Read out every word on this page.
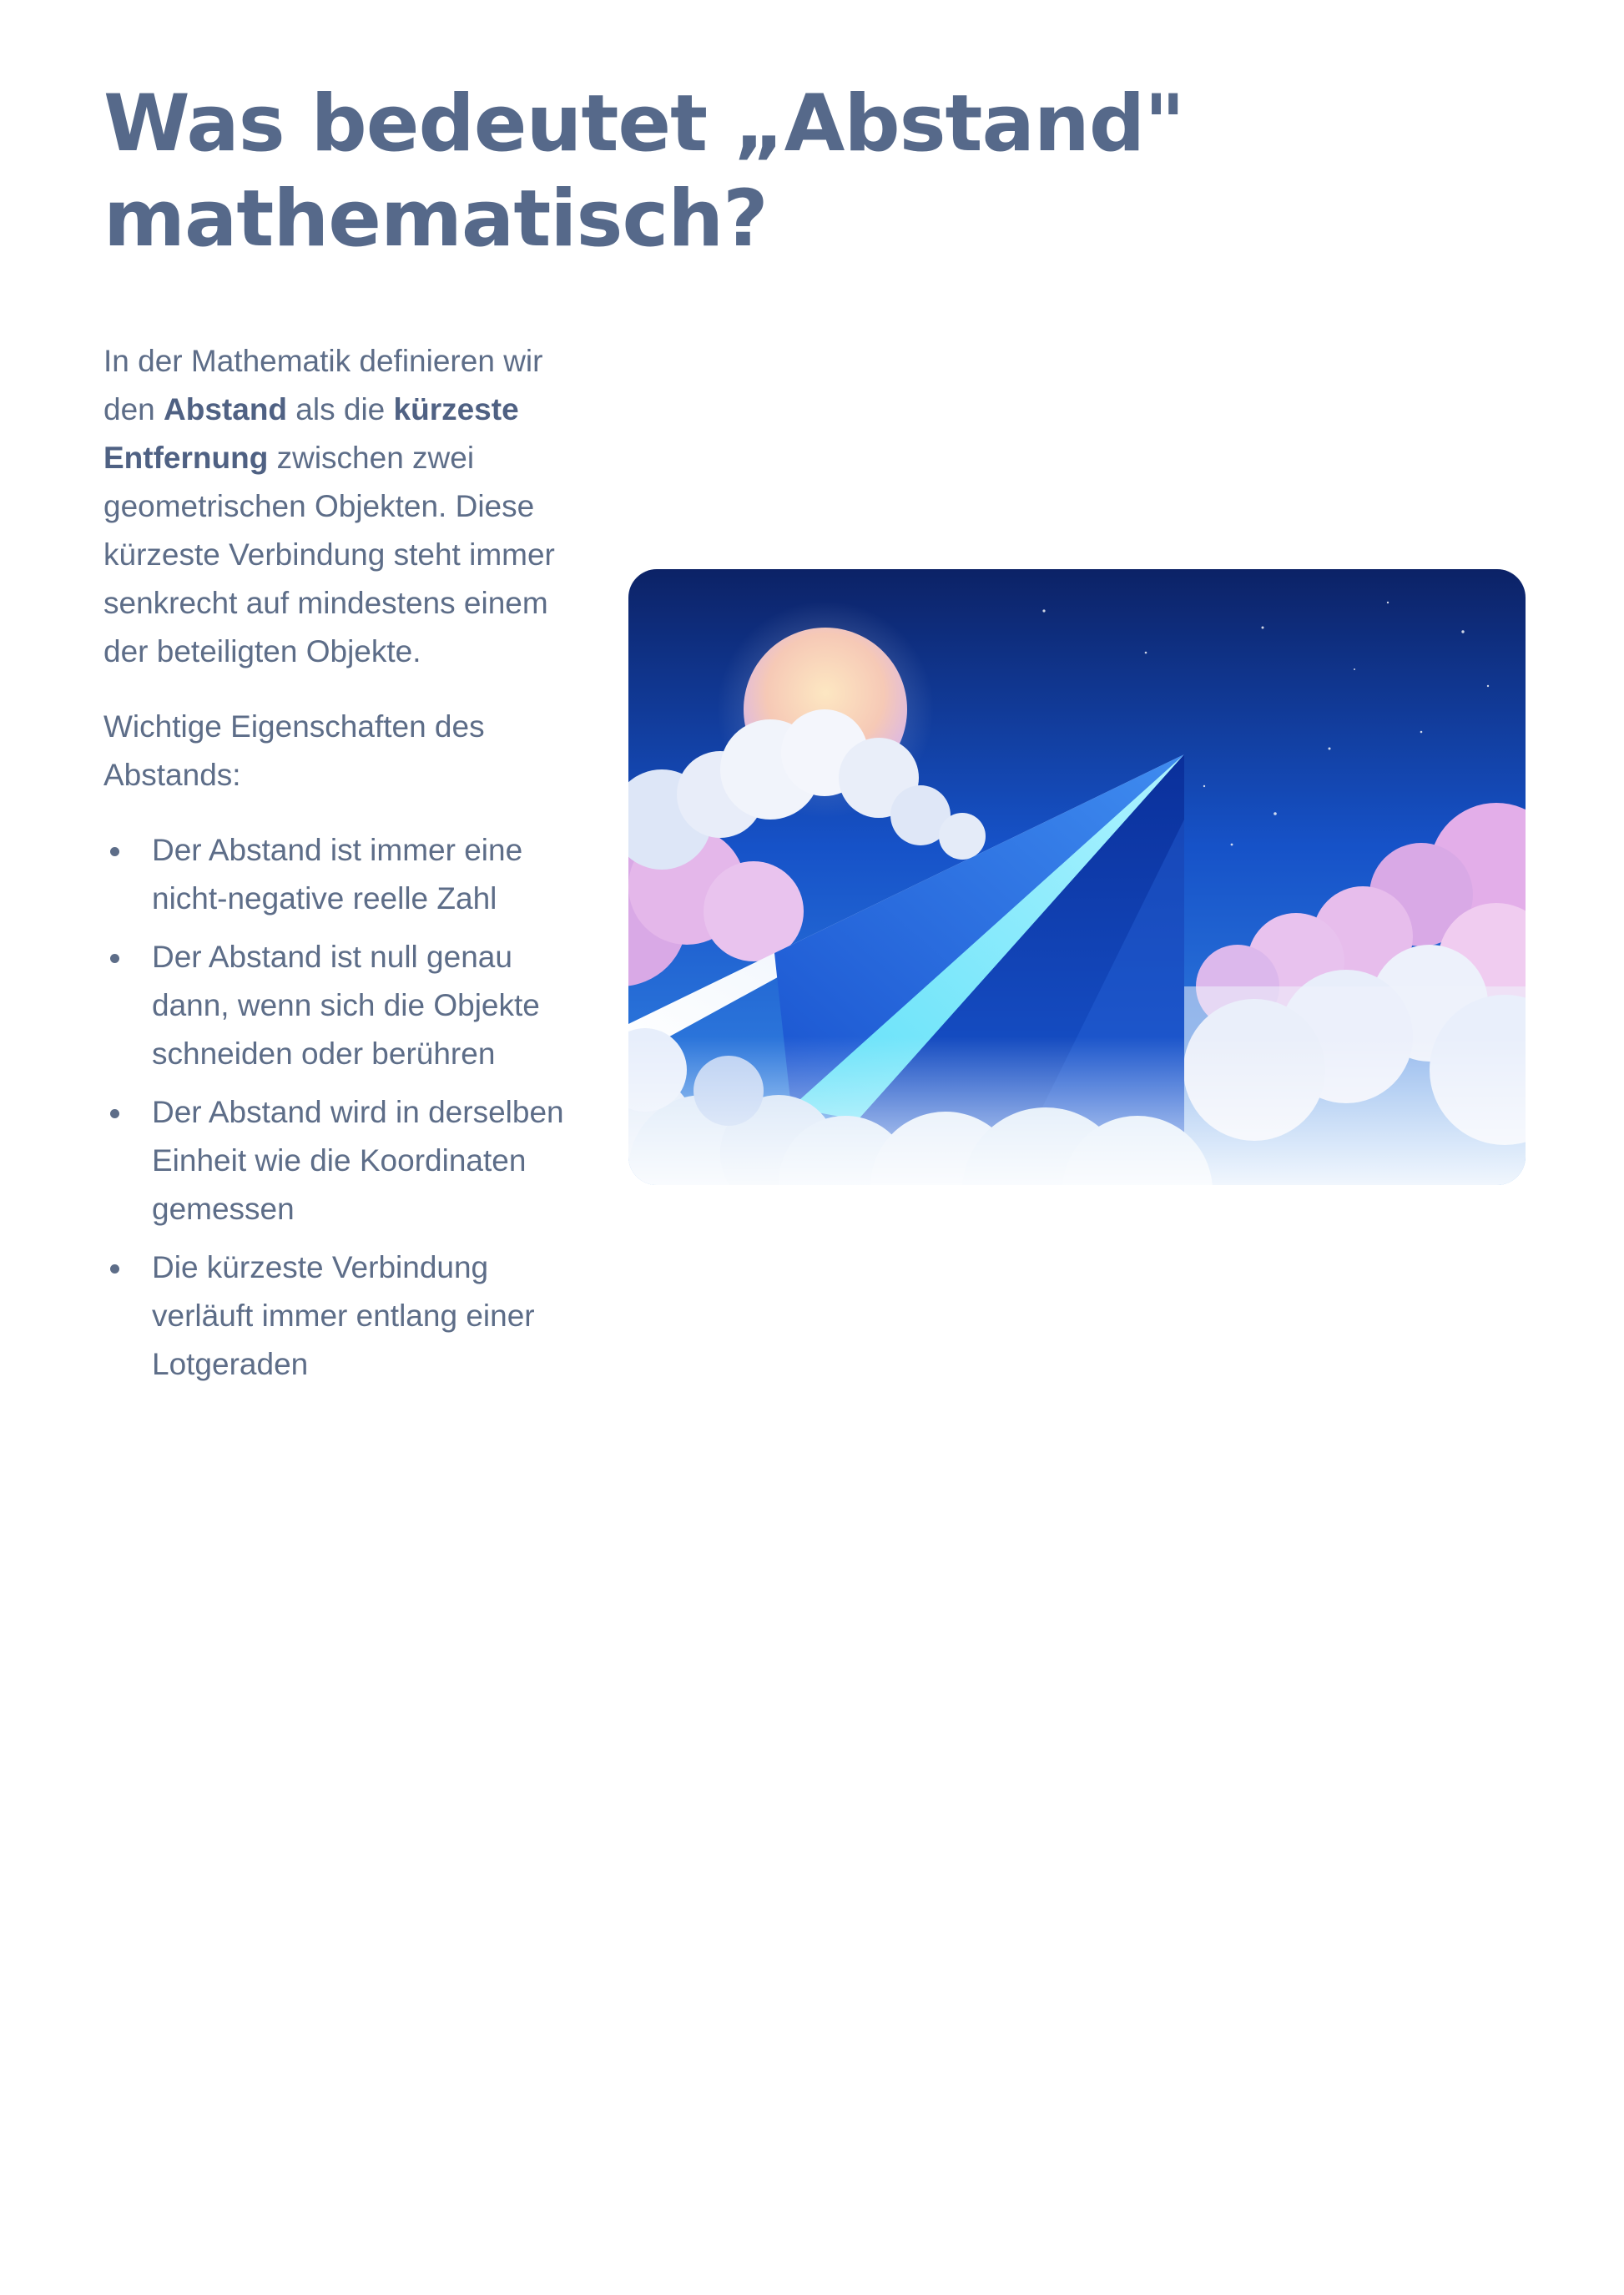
Was bedeutet „Abstand" mathematisch?

In der Mathematik definieren wir den Abstand als die kürzeste Entfernung zwischen zwei geometrischen Objekten. Diese kürzeste Verbindung steht immer senkrecht auf mindestens einem der beteiligten Objekte.

Wichtige Eigenschaften des Abstands:

Der Abstand ist immer eine nicht-negative reelle Zahl
Der Abstand ist null genau dann, wenn sich die Objekte schneiden oder berühren
Der Abstand wird in derselben Einheit wie die Koordinaten gemessen
Die kürzeste Verbindung verläuft immer entlang einer Lotgeraden
